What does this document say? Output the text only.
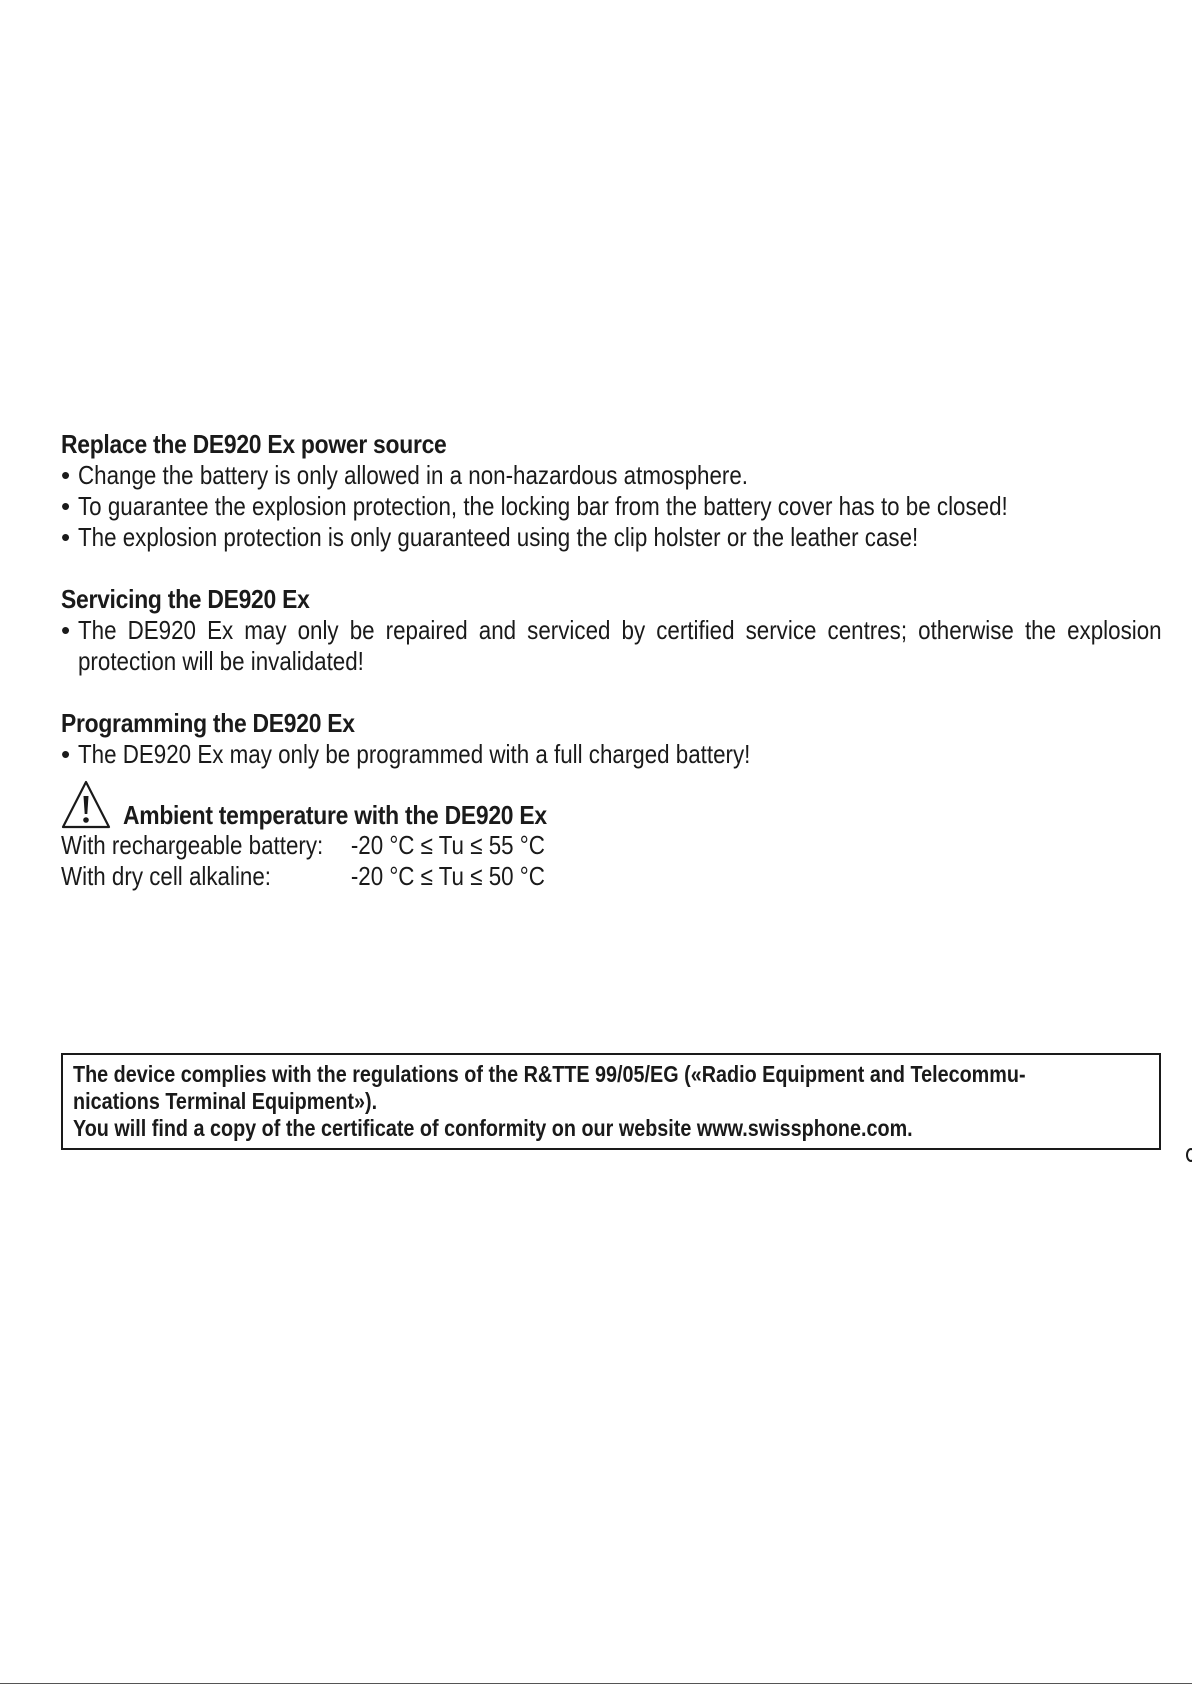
Replace the DE920 Ex power source
• Change the battery is only allowed in a non-hazardous atmosphere.
• To guarantee the explosion protection, the locking bar from the battery cover has to be closed!
• The explosion protection is only guaranteed using the clip holster or the leather case!
Servicing the DE920 Ex
• The DE920 Ex may only be repaired and serviced by certified service centres; otherwise the explosion protection will be invalidated!
Programming the DE920 Ex
• The DE920 Ex may only be programmed with a full charged battery!
Ambient temperature with the DE920 Ex
With rechargeable battery:	-20 °C ≤ Tu ≤ 55 °C
With dry cell alkaline:	-20 °C ≤ Tu ≤ 50 °C

The device complies with the regulations of the R&TTE 99/05/EG («Radio Equipment and Telecommu-

nications Terminal Equipment»).

You will find a copy of the certificate of conformity on our website www.swissphone.com.
